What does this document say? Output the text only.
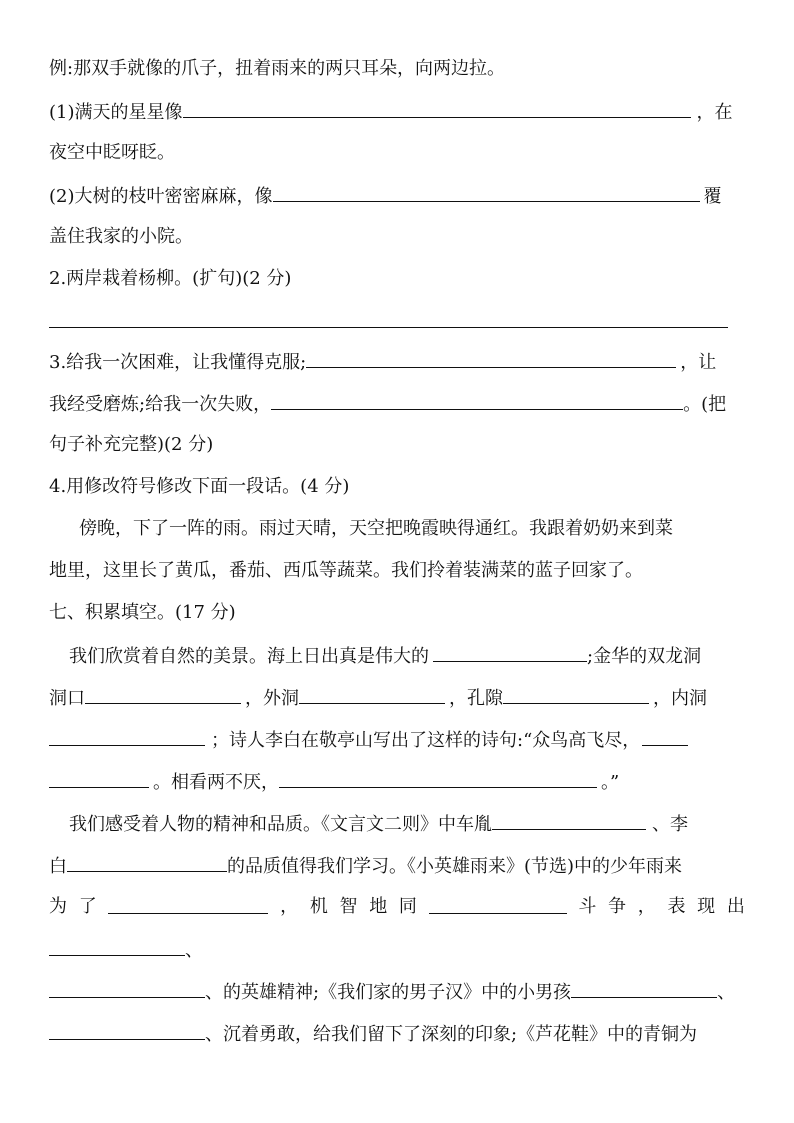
例:那双手就像的爪子，扭着雨来的两只耳朵，向两边拉。
(1)满天的星星像	，在
夜空中眨呀眨。
(2)大树的枝叶密密麻麻，像	覆
盖住我家的小院。
2.两岸栽着杨柳。(扩句)(2 分)
3.给我一次困难，让我懂得克服;	，让
我经受磨炼;给我一次失败，	。(把
句子补充完整)(2 分)
4.用修改符号修改下面一段话。(4 分)
傍晚，下了一阵的雨。雨过天晴，天空把晚霞映得通红。我跟着奶奶来到菜
地里，这里长了黄瓜，番茄、西瓜等蔬菜。我们拎着装满菜的蓝子回家了。
七、积累填空。(17 分)
我们欣赏着自然的美景。海上日出真是伟大的	;金华的双龙洞
洞口	，外洞	，孔隙	，内洞
；诗人李白在敬亭山写出了这样的诗句:“众鸟高飞尽，
。相看两不厌，	。”
我们感受着人物的精神和品质。《文言文二则》中车胤	、李
白	的品质值得我们学习。《小英雄雨来》(节选)中的少年雨来
为 了	， 机 智 地 同	斗 争 ， 表 现 出
、
、的英雄精神;《我们家的男子汉》中的小男孩	、
、沉着勇敢，给我们留下了深刻的印象;《芦花鞋》中的青铜为
